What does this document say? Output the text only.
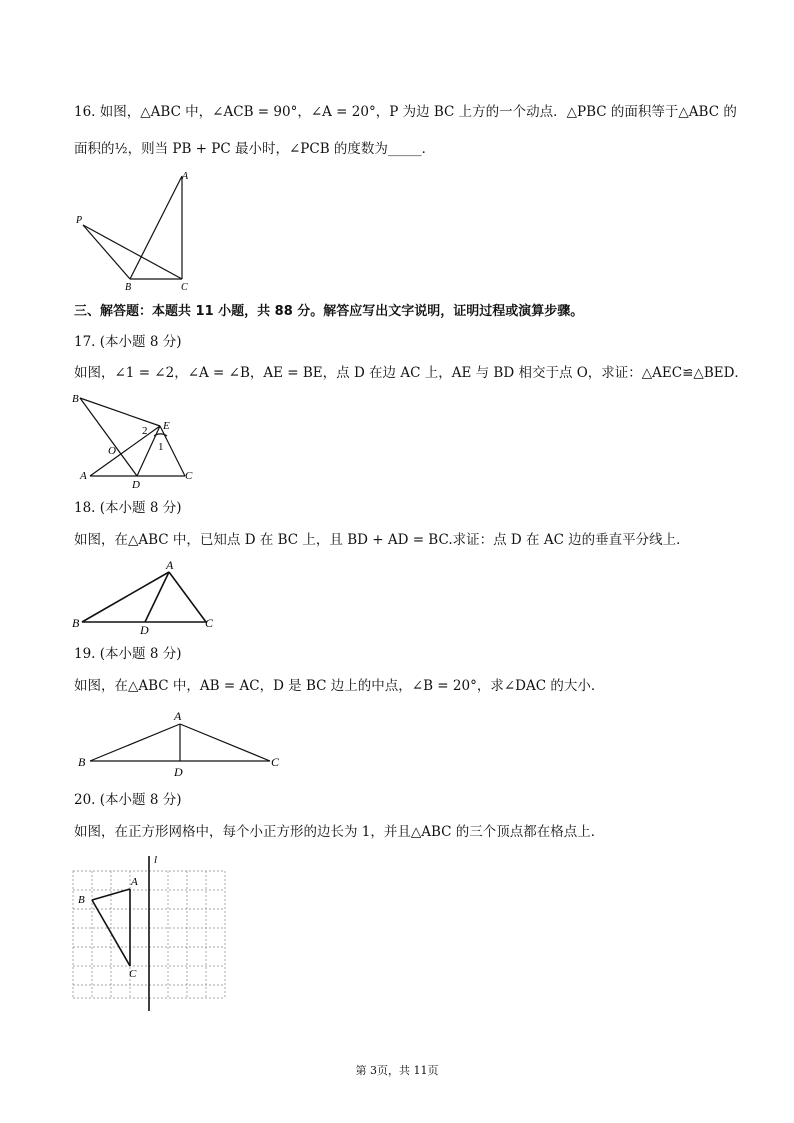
16. 如图，△ABC 中，∠ACB = 90°，∠A = 20°，P 为边 BC 上方的一个动点．△PBC 的面积等于△ABC 的
面积的½，则当 PB + PC 最小时，∠PCB 的度数为_____．
A
P
B	C
三、解答题：本题共 11 小题，共 88 分。解答应写出文字说明，证明过程或演算步骤。
17. (本小题 8 分)
如图，∠1 = ∠2，∠A = ∠B，AE = BE，点 D 在边 AC 上，AE 与 BD 相交于点 O，求证：△AEC≌△BED．
B
E
2
1
O
A
D
C
18. (本小题 8 分)
如图，在△ABC 中，已知点 D 在 BC 上，且 BD + AD = BC.求证：点 D 在 AC 边的垂直平分线上．
A
B	D	C
19. (本小题 8 分)
如图，在△ABC 中，AB = AC，D 是 BC 边上的中点，∠B = 20°，求∠DAC 的大小．
A
B
D
C
20. (本小题 8 分)
如图，在正方形网格中，每个小正方形的边长为 1，并且△ABC 的三个顶点都在格点上．
l
A
B
C
第 3页，共 11页
